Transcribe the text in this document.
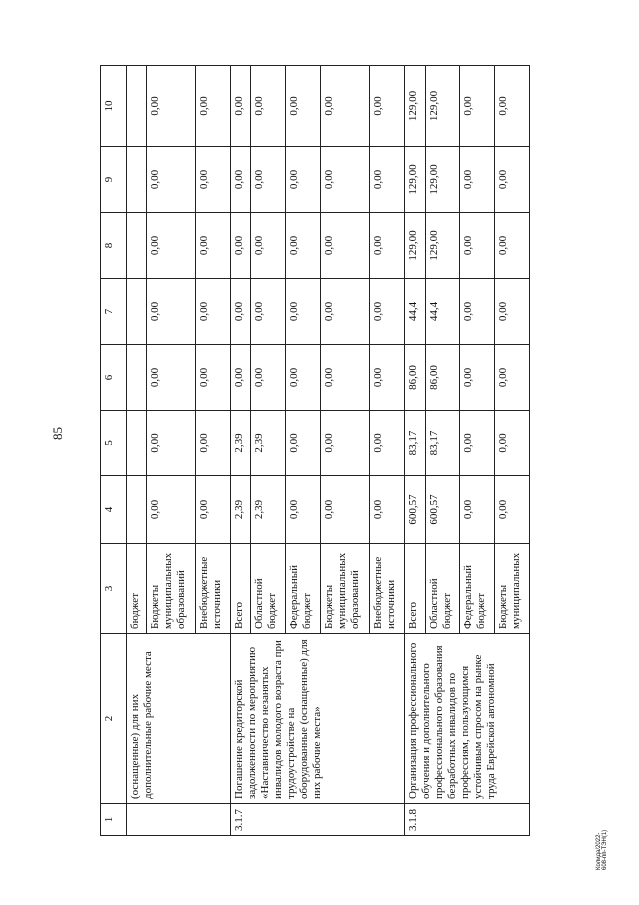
85
Колида/2022-608-пп-ТЭН(1)
1	2	3	4	5	6	7	8	9	10
	(оснащенные) для них дополнительные рабочие места	бюджет							
		Бюджеты муниципальных образований	0,00	0,00	0,00	0,00	0,00	0,00	0,00
		Внебюджетные источники	0,00	0,00	0,00	0,00	0,00	0,00	0,00
3.1.7	Погашение кредиторской задолженности по мероприятию «Наставничество незанятых инвалидов молодого возраста при трудоустройстве на оборудованные (оснащенные) для них рабочие места»	Всего	2,39	2,39	0,00	0,00	0,00	0,00	0,00
		Областной бюджет	2,39	2,39	0,00	0,00	0,00	0,00	0,00
		Федеральный бюджет	0,00	0,00	0,00	0,00	0,00	0,00	0,00
		Бюджеты муниципальных образований	0,00	0,00	0,00	0,00	0,00	0,00	0,00
		Внебюджетные источники	0,00	0,00	0,00	0,00	0,00	0,00	0,00
3.1.8	Организация профессионального обучения и дополнительного профессионального образования безработных инвалидов по профессиям, пользующимся устойчивым спросом на рынке труда Еврейской автономной	Всего	600,57	83,17	86,00	44,4	129,00	129,00	129,00
		Областной бюджет	600,57	83,17	86,00	44,4	129,00	129,00	129,00
		Федеральный бюджет	0,00	0,00	0,00	0,00	0,00	0,00	0,00
		Бюджеты муниципальных	0,00	0,00	0,00	0,00	0,00	0,00	0,00
